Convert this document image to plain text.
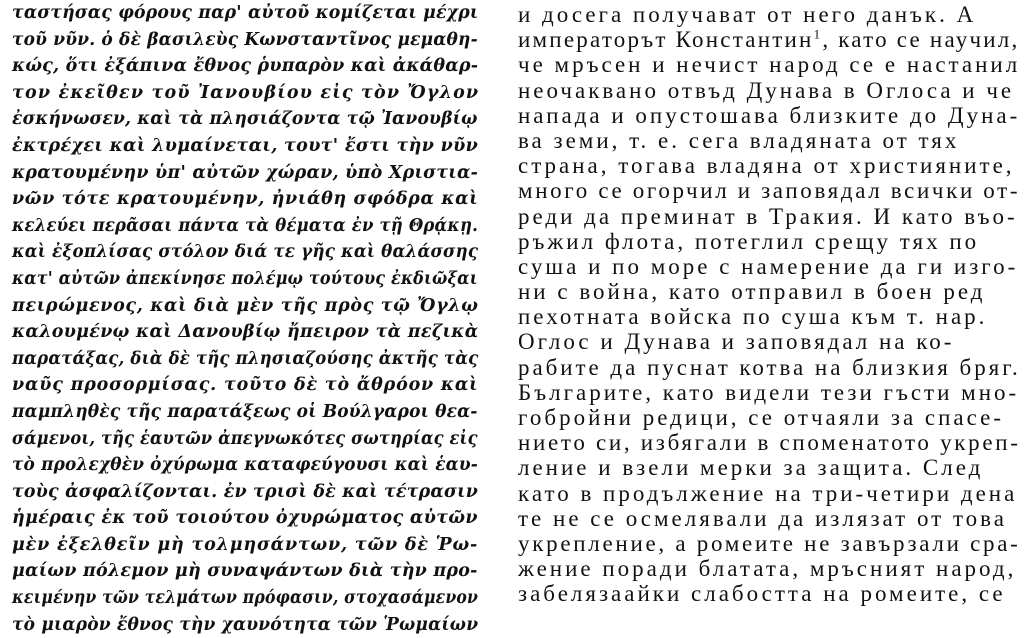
ταστήσας φόρους παρ' αὐτοῦ κομίζεται μέχρι
τοῦ νῦν. ὁ δὲ βασιλεὺς Κωνσταντῖνος μεμαθη-
κώς, ὅτι ἐξάπινα ἔθνος ῥυπαρὸν καὶ ἀκάθαρ-
τον ἐκεῖθεν τοῦ Ἰανουβίου εἰς τὸν Ὄγλον
ἐσκήνωσεν, καὶ τὰ πλησιάζοντα τῷ Ἰανουβίῳ
ἐκτρέχει καὶ λυμαίνεται, τουτ' ἔστι τὴν νῦν
κρατουμένην ὑπ' αὐτῶν χώραν, ὑπὸ Χριστια-
νῶν τότε κρατουμένην, ἠνιάθη σφόδρα καὶ
κελεύει περᾶσαι πάντα τὰ θέματα ἐν τῇ Θρᾴκῃ.
καὶ ἐξοπλίσας στόλον διά τε γῆς καὶ θαλάσσης
κατ' αὐτῶν ἀπεκίνησε πολέμῳ τούτους ἐκδιῶξαι
πειρώμενος, καὶ διὰ μὲν τῆς πρὸς τῷ Ὄγλῳ
καλουμένῳ καὶ Δανουβίῳ ἤπειρον τὰ πεζικὰ
παρατάξας, διὰ δὲ τῆς πλησιαζούσης ἀκτῆς τὰς
ναῦς προσορμίσας. τοῦτο δὲ τὸ ἄθρόον καὶ
παμπληθὲς τῆς παρατάξεως οἱ Βούλγαροι θεα-
σάμενοι, τῆς ἑαυτῶν ἀπεγνωκότες σωτηρίας εἰς
τὸ προλεχθὲν ὀχύρωμα καταφεύγουσι καὶ ἑαυ-
τοὺς ἀσφαλίζονται. ἐν τρισὶ δὲ καὶ τέτρασιν
ἡμέραις ἐκ τοῦ τοιούτου ὀχυρώματος αὐτῶν
μὲν ἐξελθεῖν μὴ τολμησάντων, τῶν δὲ Ῥω-
μαίων πόλεμον μὴ συναψάντων διὰ τὴν προ-
κειμένην τῶν τελμάτων πρόφασιν, στοχασάμενον
τὸ μιαρὸν ἔθνος τὴν χαυνότητα τῶν Ῥωμαίων
и досега получават от него данък. А
императорът Константин$^1$, като се научил,
че мръсен и нечист народ се е настанил
неочаквано отвъд Дунава в Оглоса и че
напада и опустошава близките до Дуна-
ва земи, т. е. сега владяната от тях
страна, тогава владяна от християните,
много се огорчил и заповядал всички от-
реди да преминат в Тракия. И като въо-
ръжил флота, потеглил срещу тях по
суша и по море с намерение да ги изго-
ни с война, като отправил в боен ред
пехотната войска по суша към т. нар.
Оглос и Дунава и заповядал на ко-
рабите да пуснат котва на близкия бряг.
Българите, като видели тези гъсти мно-
гобройни редици, се отчаяли за спасе-
нието си, избягали в споменатото укреп-
ление и взели мерки за защита. След
като в продължение на три-четири дена
те не се осмелявали да излязат от това
укрепление, а ромеите не завързали сра-
жение поради блатата, мръсният народ,
забелязаайки слабостта на ромеите, се
